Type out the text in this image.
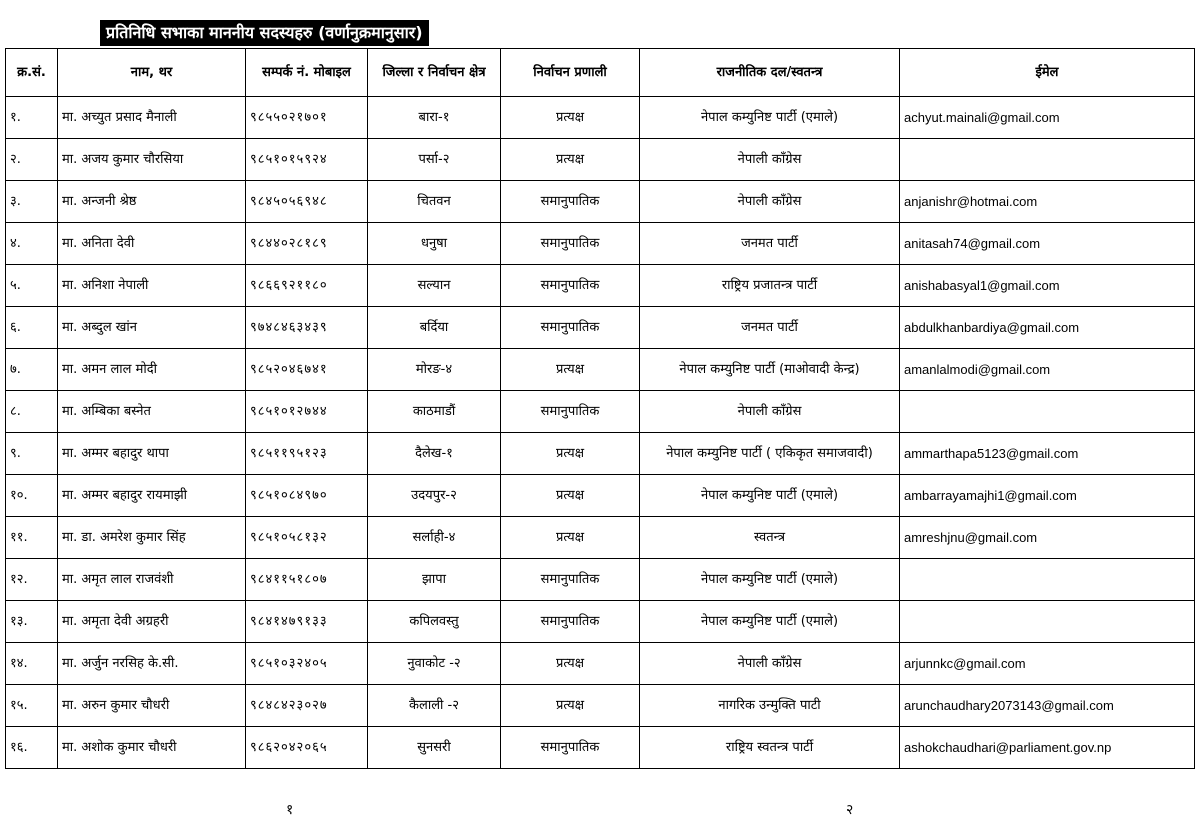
प्रतिनिधि सभाका माननीय सदस्यहरु (वर्णानुक्रमानुसार)
क्र.सं.	नाम, थर	सम्पर्क नं. मोबाइल	जिल्ला र निर्वाचन क्षेत्र	निर्वाचन प्रणाली	राजनीतिक दल/स्वतन्त्र	ईमेल
१.	मा. अच्युत प्रसाद मैनाली	९८५५०२१७०१	बारा-१	प्रत्यक्ष	नेपाल कम्युनिष्ट पार्टी (एमाले)	achyut.mainali@gmail.com
२.	मा. अजय कुमार चौरसिया	९८५१०१५९२४	पर्सा-२	प्रत्यक्ष	नेपाली काँग्रेस	
३.	मा. अन्जनी श्रेष्ठ	९८४५०५६९४८	चितवन	समानुपातिक	नेपाली काँग्रेस	anjanishr@hotmai.com
४.	मा. अनिता देवी	९८४४०२८१८९	धनुषा	समानुपातिक	जनमत पार्टी	anitasah74@gmail.com
५.	मा. अनिशा नेपाली	९८६६९२११८०	सल्यान	समानुपातिक	राष्ट्रिय प्रजातन्त्र पार्टी	anishabasyal1@gmail.com
६.	मा. अब्दुल खांन	९७४८४६३४३९	बर्दिया	समानुपातिक	जनमत पार्टी	abdulkhanbardiya@gmail.com
७.	मा. अमन लाल मोदी	९८५२०४६७४१	मोरङ-४	प्रत्यक्ष	नेपाल कम्युनिष्ट पार्टी (माओवादी केन्द्र)	amanlalmodi@gmail.com
८.	मा. अम्बिका बस्नेत	९८५१०१२७४४	काठमाडौं	समानुपातिक	नेपाली काँग्रेस	
९.	मा. अम्मर बहादुर थापा	९८५११९५१२३	दैलेख-१	प्रत्यक्ष	नेपाल कम्युनिष्ट पार्टी ( एकिकृत समाजवादी)	ammarthapa5123@gmail.com
१०.	मा. अम्मर बहादुर रायमाझी	९८५१०८४९७०	उदयपुर-२	प्रत्यक्ष	नेपाल कम्युनिष्ट पार्टी (एमाले)	ambarrayamajhi1@gmail.com
११.	मा. डा. अमरेश कुमार सिंह	९८५१०५८१३२	सर्लाही-४	प्रत्यक्ष	स्वतन्त्र	amreshjnu@gmail.com
१२.	मा. अमृत लाल राजवंशी	९८४११५१८०७	झापा	समानुपातिक	नेपाल कम्युनिष्ट पार्टी (एमाले)	
१३.	मा. अमृता देवी अग्रहरी	९८४१४७९१३३	कपिलवस्तु	समानुपातिक	नेपाल कम्युनिष्ट पार्टी (एमाले)	
१४.	मा. अर्जुन नरसिह के.सी.	९८५१०३२४०५	नुवाकोट -२	प्रत्यक्ष	नेपाली काँग्रेस	arjunnkc@gmail.com
१५.	मा. अरुन कुमार चौधरी	९८४८४२३०२७	कैलाली -२	प्रत्यक्ष	नागरिक उन्मुक्ति पाटी	arunchaudhary2073143@gmail.com
१६.	मा. अशोक कुमार चौधरी	९८६२०४२०६५	सुनसरी	समानुपातिक	राष्ट्रिय स्वतन्त्र पार्टी	ashokchaudhari@parliament.gov.np
१	२
